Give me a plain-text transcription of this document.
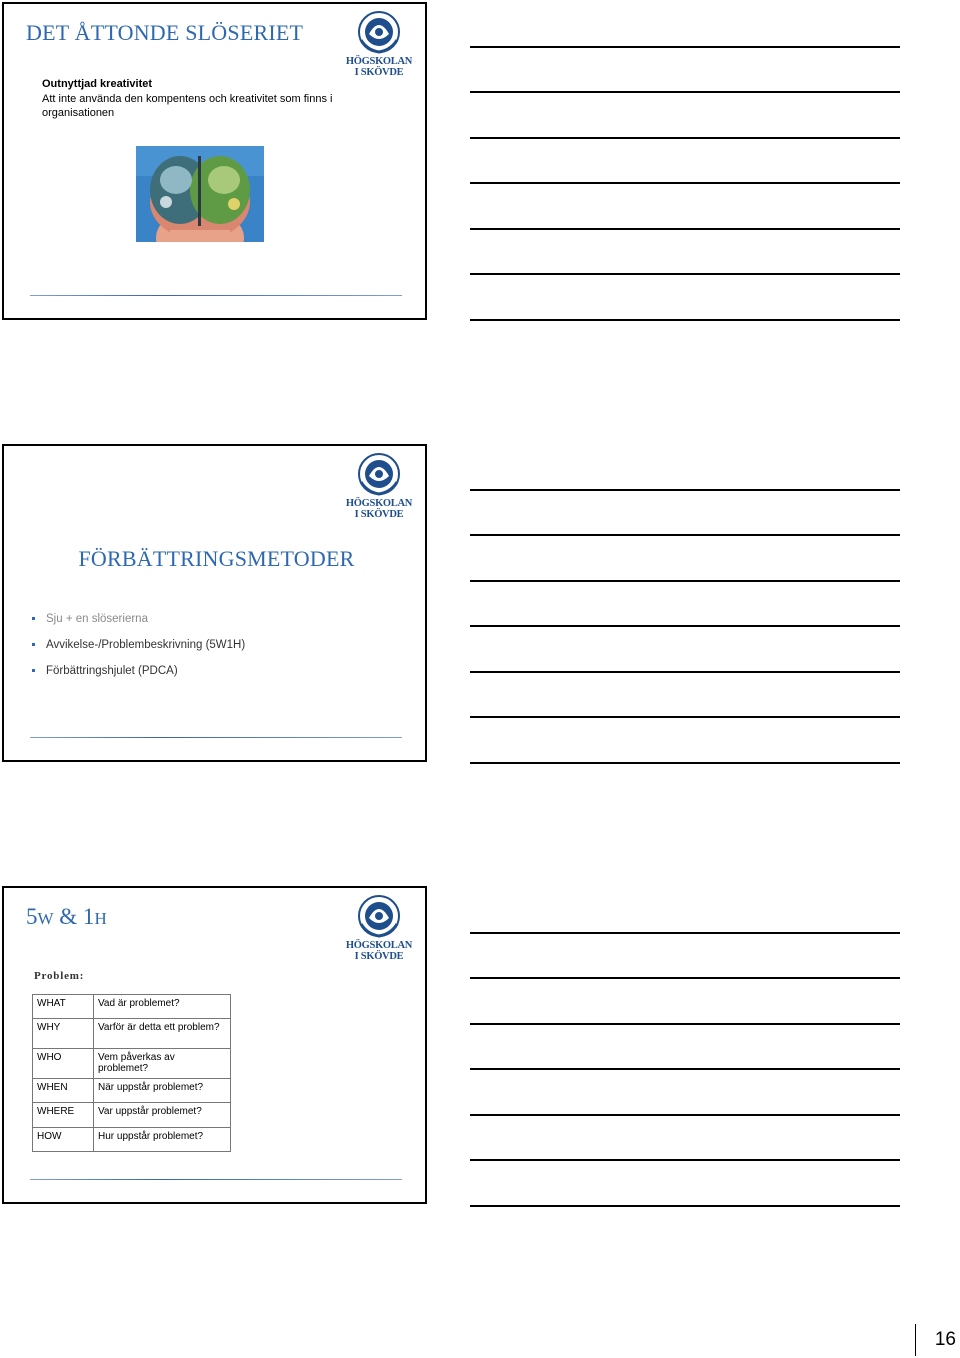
DET ÅTTONDE SLÖSERIET
HÖGSKOLAN
I SKÖVDE
Outnyttjad kreativitet
Att inte använda den kompentens och kreativitet som finns i organisationen
HÖGSKOLAN
I SKÖVDE
FÖRBÄTTRINGSMETODER
Sju + en slöserierna
Avvikelse-/Problembeskrivning (5W1H)
Förbättringshjulet (PDCA)
5W & 1H
HÖGSKOLAN
I SKÖVDE
Problem:
WHAT	Vad är problemet?
WHY	Varför är detta ett problem?
WHO	Vem påverkas av problemet?
WHEN	När uppstår problemet?
WHERE	Var uppstår problemet?
HOW	Hur uppstår problemet?
16
